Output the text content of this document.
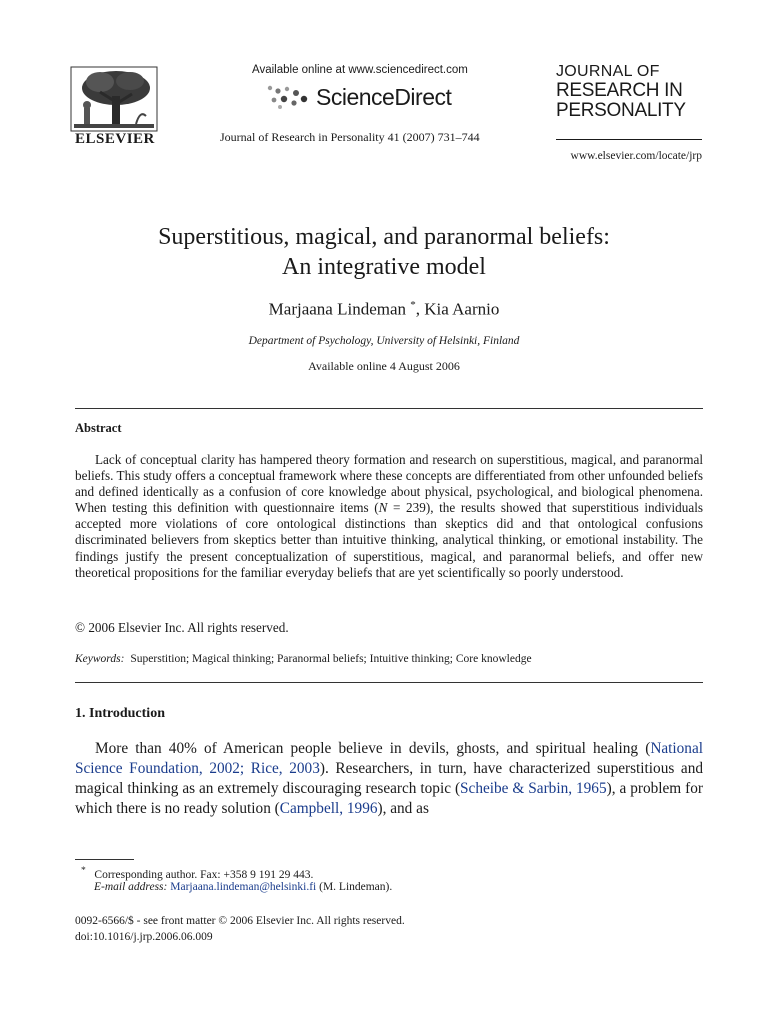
ELSEVIER
Available online at www.sciencedirect.com
ScienceDirect
Journal of Research in Personality 41 (2007) 731–744
JOURNAL OF
RESEARCH IN
PERSONALITY
www.elsevier.com/locate/jrp
Superstitious, magical, and paranormal beliefs:
An integrative model
Marjaana Lindeman *, Kia Aarnio
Department of Psychology, University of Helsinki, Finland
Available online 4 August 2006
Abstract

Lack of conceptual clarity has hampered theory formation and research on superstitious, magical, and paranormal beliefs. This study offers a conceptual framework where these concepts are differentiated from other unfounded beliefs and defined identically as a confusion of core knowledge about physical, psychological, and biological phenomena. When testing this definition with questionnaire items (N = 239), the results showed that superstitious individuals accepted more violations of core ontological distinctions than skeptics did and that ontological confusions discriminated believers from skeptics better than intuitive thinking, analytical thinking, or emotional instability. The findings justify the present conceptualization of superstitious, magical, and paranormal beliefs, and offer new theoretical propositions for the familiar everyday beliefs that are yet scientifically so poorly understood.

© 2006 Elsevier Inc. All rights reserved.
Keywords: Superstition; Magical thinking; Paranormal beliefs; Intuitive thinking; Core knowledge
1. Introduction

More than 40% of American people believe in devils, ghosts, and spiritual healing (National Science Foundation, 2002; Rice, 2003). Researchers, in turn, have characterized superstitious and magical thinking as an extremely discouraging research topic (Scheibe & Sarbin, 1965), a problem for which there is no ready solution (Campbell, 1996), and as

* Corresponding author. Fax: +358 9 191 29 443.
E-mail address: Marjaana.lindeman@helsinki.fi (M. Lindeman).
0092-6566/$ - see front matter © 2006 Elsevier Inc. All rights reserved.
doi:10.1016/j.jrp.2006.06.009
